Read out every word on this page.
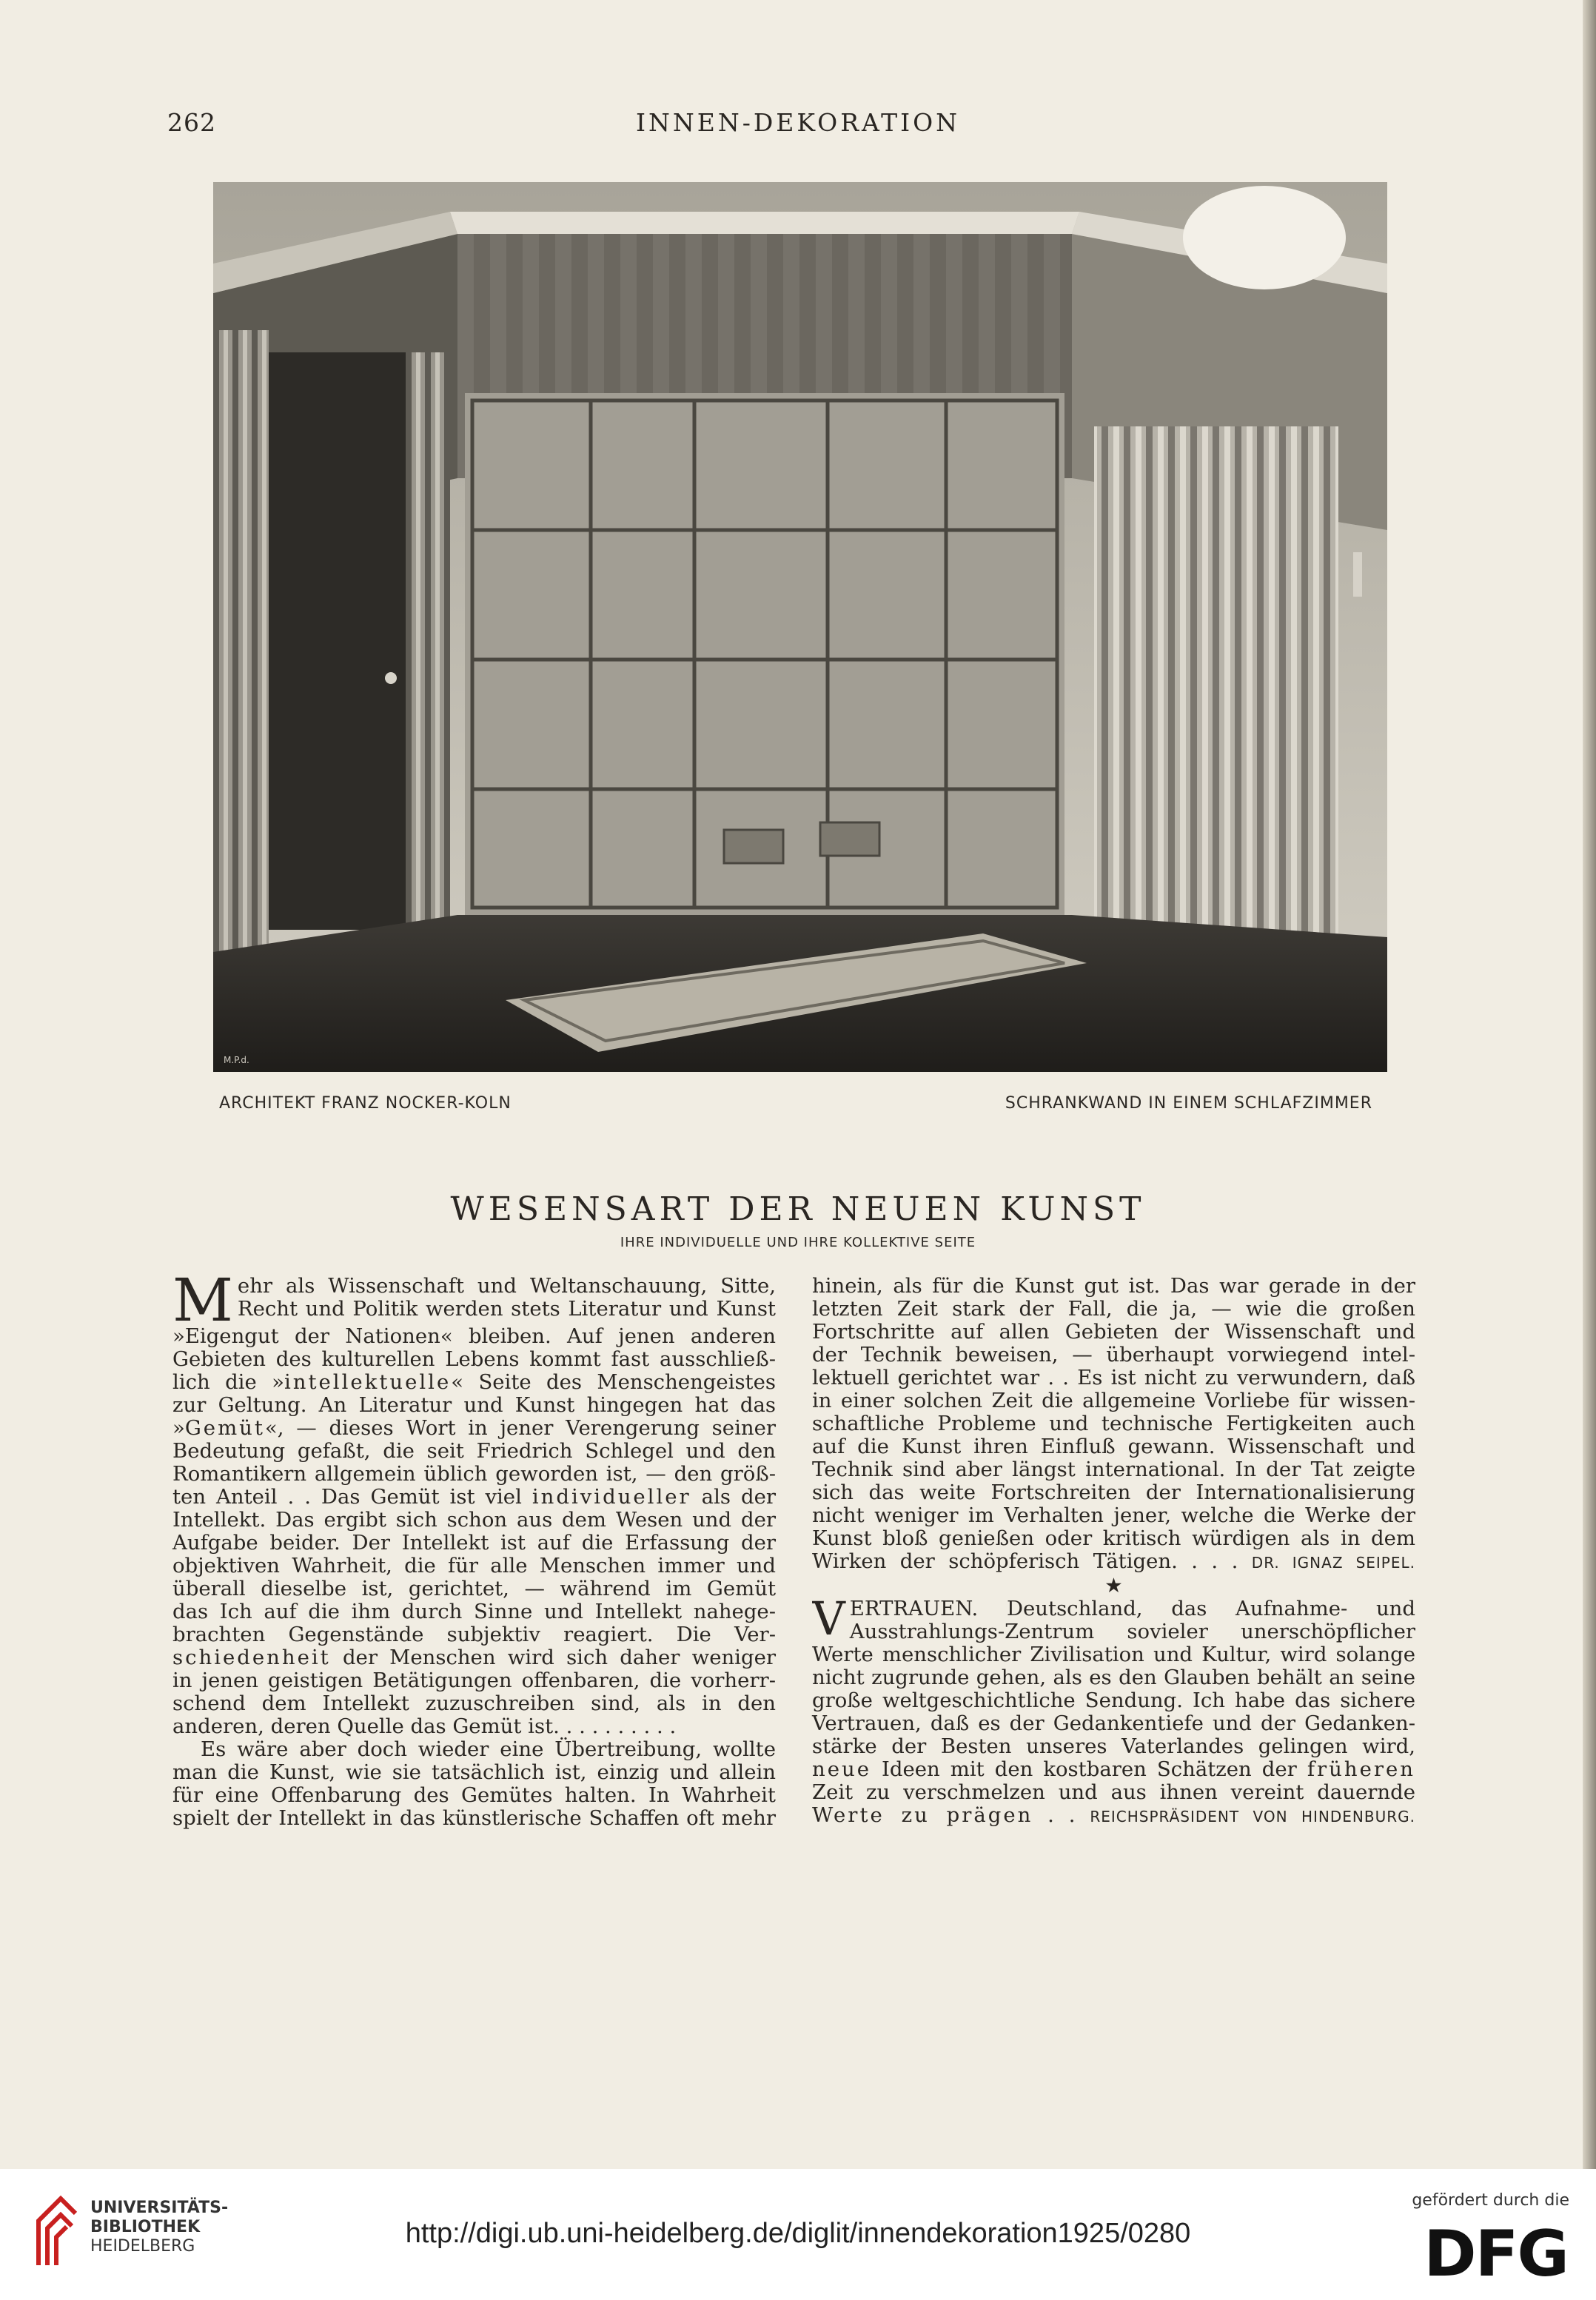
262	INNEN-DEKORATION
M.P.d.
ARCHITEKT FRANZ NOCKER-KOLN	SCHRANKWAND IN EINEM SCHLAFZIMMER
WESENSART DER NEUEN KUNST
IHRE INDIVIDUELLE UND IHRE KOLLEKTIVE SEITE
M ehr als Wissenschaft und Weltanschauung, Sitte,

Recht und Politik werden stets Literatur und Kunst

»Eigengut der Nationen« bleiben. Auf jenen anderen

Gebieten des kulturellen Lebens kommt fast ausschließ-

lich die »intellektuelle« Seite des Menschengeistes

zur Geltung. An Literatur und Kunst hingegen hat das

»Gemüt«, — dieses Wort in jener Verengerung seiner

Bedeutung gefaßt, die seit Friedrich Schlegel und den

Romantikern allgemein üblich geworden ist, — den größ-

ten Anteil . . Das Gemüt ist viel individueller als der

Intellekt. Das ergibt sich schon aus dem Wesen und der

Aufgabe beider. Der Intellekt ist auf die Erfassung der

objektiven Wahrheit, die für alle Menschen immer und

überall dieselbe ist, gerichtet, — während im Gemüt

das Ich auf die ihm durch Sinne und Intellekt nahege-

brachten Gegenstände subjektiv reagiert. Die Ver-

schiedenheit der Menschen wird sich daher weniger

in jenen geistigen Betätigungen offenbaren, die vorherr-

schend dem Intellekt zuzuschreiben sind, als in den

anderen, deren Quelle das Gemüt ist. . . . . . . . . .

Es wäre aber doch wieder eine Übertreibung, wollte

man die Kunst, wie sie tatsächlich ist, einzig und allein

für eine Offenbarung des Gemütes halten. In Wahrheit

spielt der Intellekt in das künstlerische Schaffen oft mehr

hinein, als für die Kunst gut ist. Das war gerade in der

letzten Zeit stark der Fall, die ja, — wie die großen

Fortschritte auf allen Gebieten der Wissenschaft und

der Technik beweisen, — überhaupt vorwiegend intel-

lektuell gerichtet war . . Es ist nicht zu verwundern, daß

in einer solchen Zeit die allgemeine Vorliebe für wissen-

schaftliche Probleme und technische Fertigkeiten auch

auf die Kunst ihren Einfluß gewann. Wissenschaft und

Technik sind aber längst international. In der Tat zeigte

sich das weite Fortschreiten der Internationalisierung

nicht weniger im Verhalten jener, welche die Werke der

Kunst bloß genießen oder kritisch würdigen als in dem

Wirken der schöpferisch Tätigen. . . . DR. IGNAZ SEIPEL.

★

V ERTRAUEN. Deutschland, das Aufnahme- und

Ausstrahlungs-Zentrum sovieler unerschöpflicher

Werte menschlicher Zivilisation und Kultur, wird solange

nicht zugrunde gehen, als es den Glauben behält an seine

große weltgeschichtliche Sendung. Ich habe das sichere

Vertrauen, daß es der Gedankentiefe und der Gedanken-

stärke der Besten unseres Vaterlandes gelingen wird,

neue Ideen mit den kostbaren Schätzen der früheren

Zeit zu verschmelzen und aus ihnen vereint dauernde

Werte zu prägen . . REICHSPRÄSIDENT VON HINDENBURG.

UNIVERSITÄTS-
BIBLIOTHEK
HEIDELBERG	http://digi.ub.uni-heidelberg.de/diglit/innendekoration1925/0280
gefördert durch die
DFG
